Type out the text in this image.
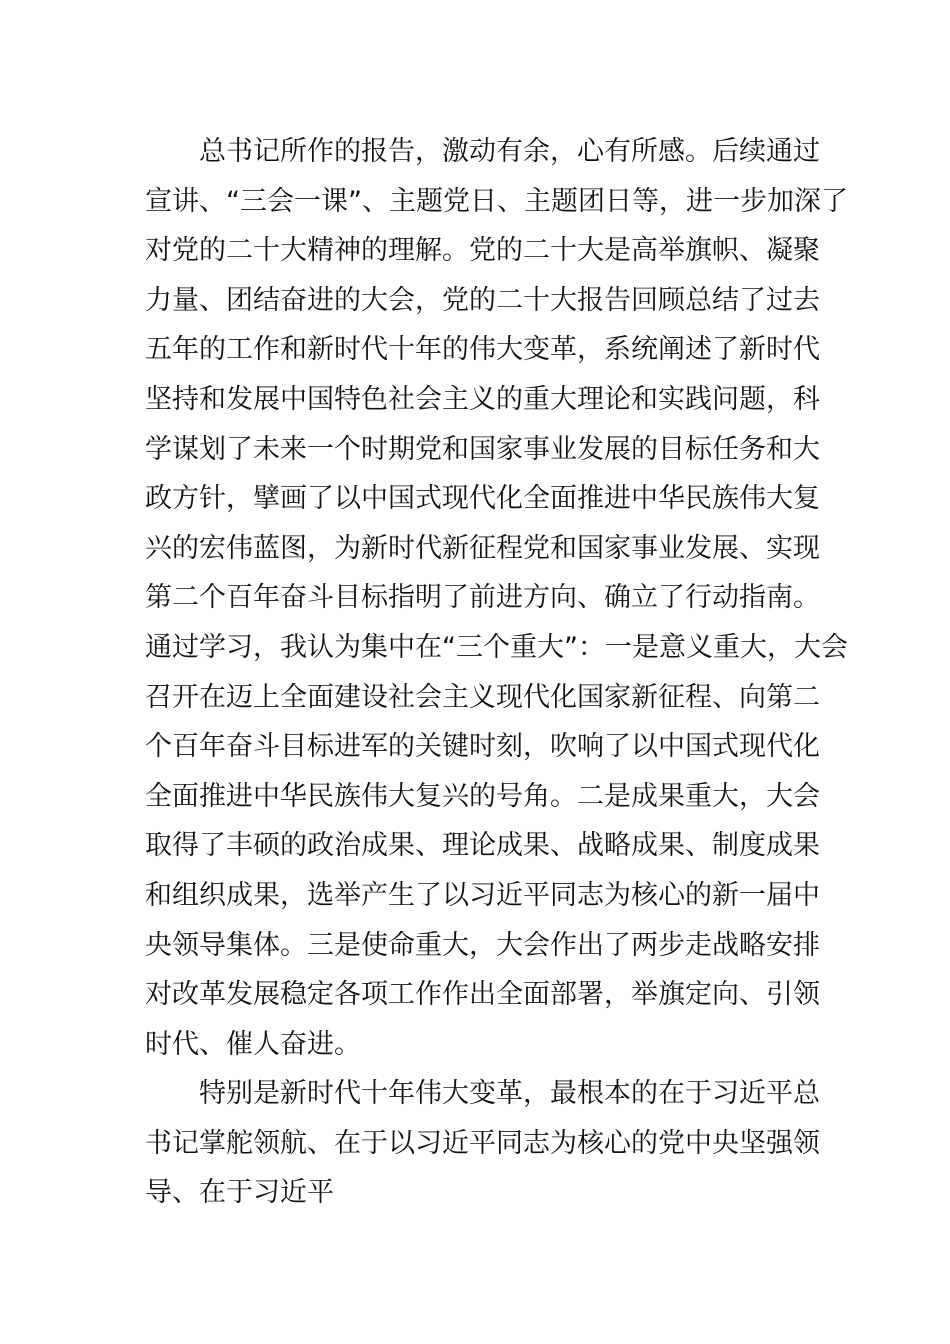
总书记所作的报告，激动有余，心有所感。后续通过
宣讲、“三会一课”、主题党日、主题团日等，进一步加深了
对党的二十大精神的理解。党的二十大是高举旗帜、凝聚
力量、团结奋进的大会，党的二十大报告回顾总结了过去
五年的工作和新时代十年的伟大变革，系统阐述了新时代
坚持和发展中国特色社会主义的重大理论和实践问题，科
学谋划了未来一个时期党和国家事业发展的目标任务和大
政方针，擘画了以中国式现代化全面推进中华民族伟大复
兴的宏伟蓝图，为新时代新征程党和国家事业发展、实现
第二个百年奋斗目标指明了前进方向、确立了行动指南。
通过学习，我认为集中在“三个重大”：一是意义重大，大会
召开在迈上全面建设社会主义现代化国家新征程、向第二
个百年奋斗目标进军的关键时刻，吹响了以中国式现代化
全面推进中华民族伟大复兴的号角。二是成果重大，大会
取得了丰硕的政治成果、理论成果、战略成果、制度成果
和组织成果，选举产生了以习近平同志为核心的新一届中
央领导集体。三是使命重大，大会作出了两步走战略安排
对改革发展稳定各项工作作出全面部署，举旗定向、引领
时代、催人奋进。
特别是新时代十年伟大变革，最根本的在于习近平总
书记掌舵领航、在于以习近平同志为核心的党中央坚强领
导、在于习近平
